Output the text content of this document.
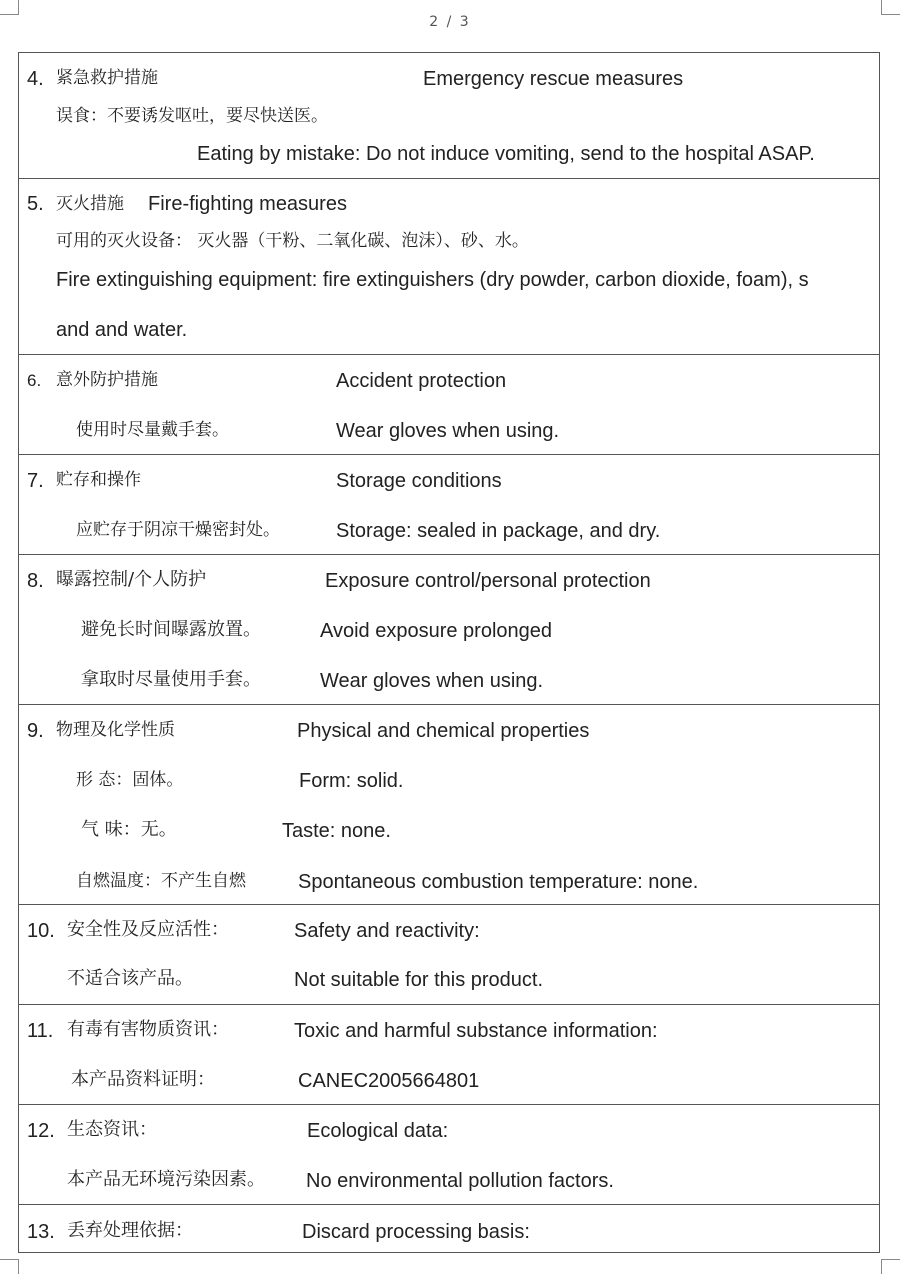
2 / 3
4. 紧急救护措施	Emergency rescue measures
误食：不要诱发呕吐，要尽快送医。
Eating by mistake: Do not induce vomiting, send to the hospital ASAP.
5. 灭火措施 Fire-fighting measures
可用的灭火设备： 灭火器（干粉、二氧化碳、泡沫）、砂、水。
Fire extinguishing equipment: fire extinguishers (dry powder, carbon dioxide, foam), s
and and water.
6. 意外防护措施	Accident protection
使用时尽量戴手套。	Wear gloves when using.
7. 贮存和操作	Storage conditions
应贮存于阴凉干燥密封处。	Storage: sealed in package, and dry.
8. 曝露控制/个人防护	Exposure control/personal protection
避免长时间曝露放置。	Avoid exposure prolonged
拿取时尽量使用手套。	Wear gloves when using.
9. 物理及化学性质	Physical and chemical properties
形 态：固体。	Form: solid.
气 味：无。	Taste: none.
自燃温度：不产生自燃	Spontaneous combustion temperature: none.
10. 安全性及反应活性：	Safety and reactivity:
不适合该产品。	Not suitable for this product.
11. 有毒有害物质资讯：	Toxic and harmful substance information:
本产品资料证明：	CANEC2005664801
12. 生态资讯：	Ecological data:
本产品无环境污染因素。 No environmental pollution factors.
13. 丢弃处理依据：	Discard processing basis:
